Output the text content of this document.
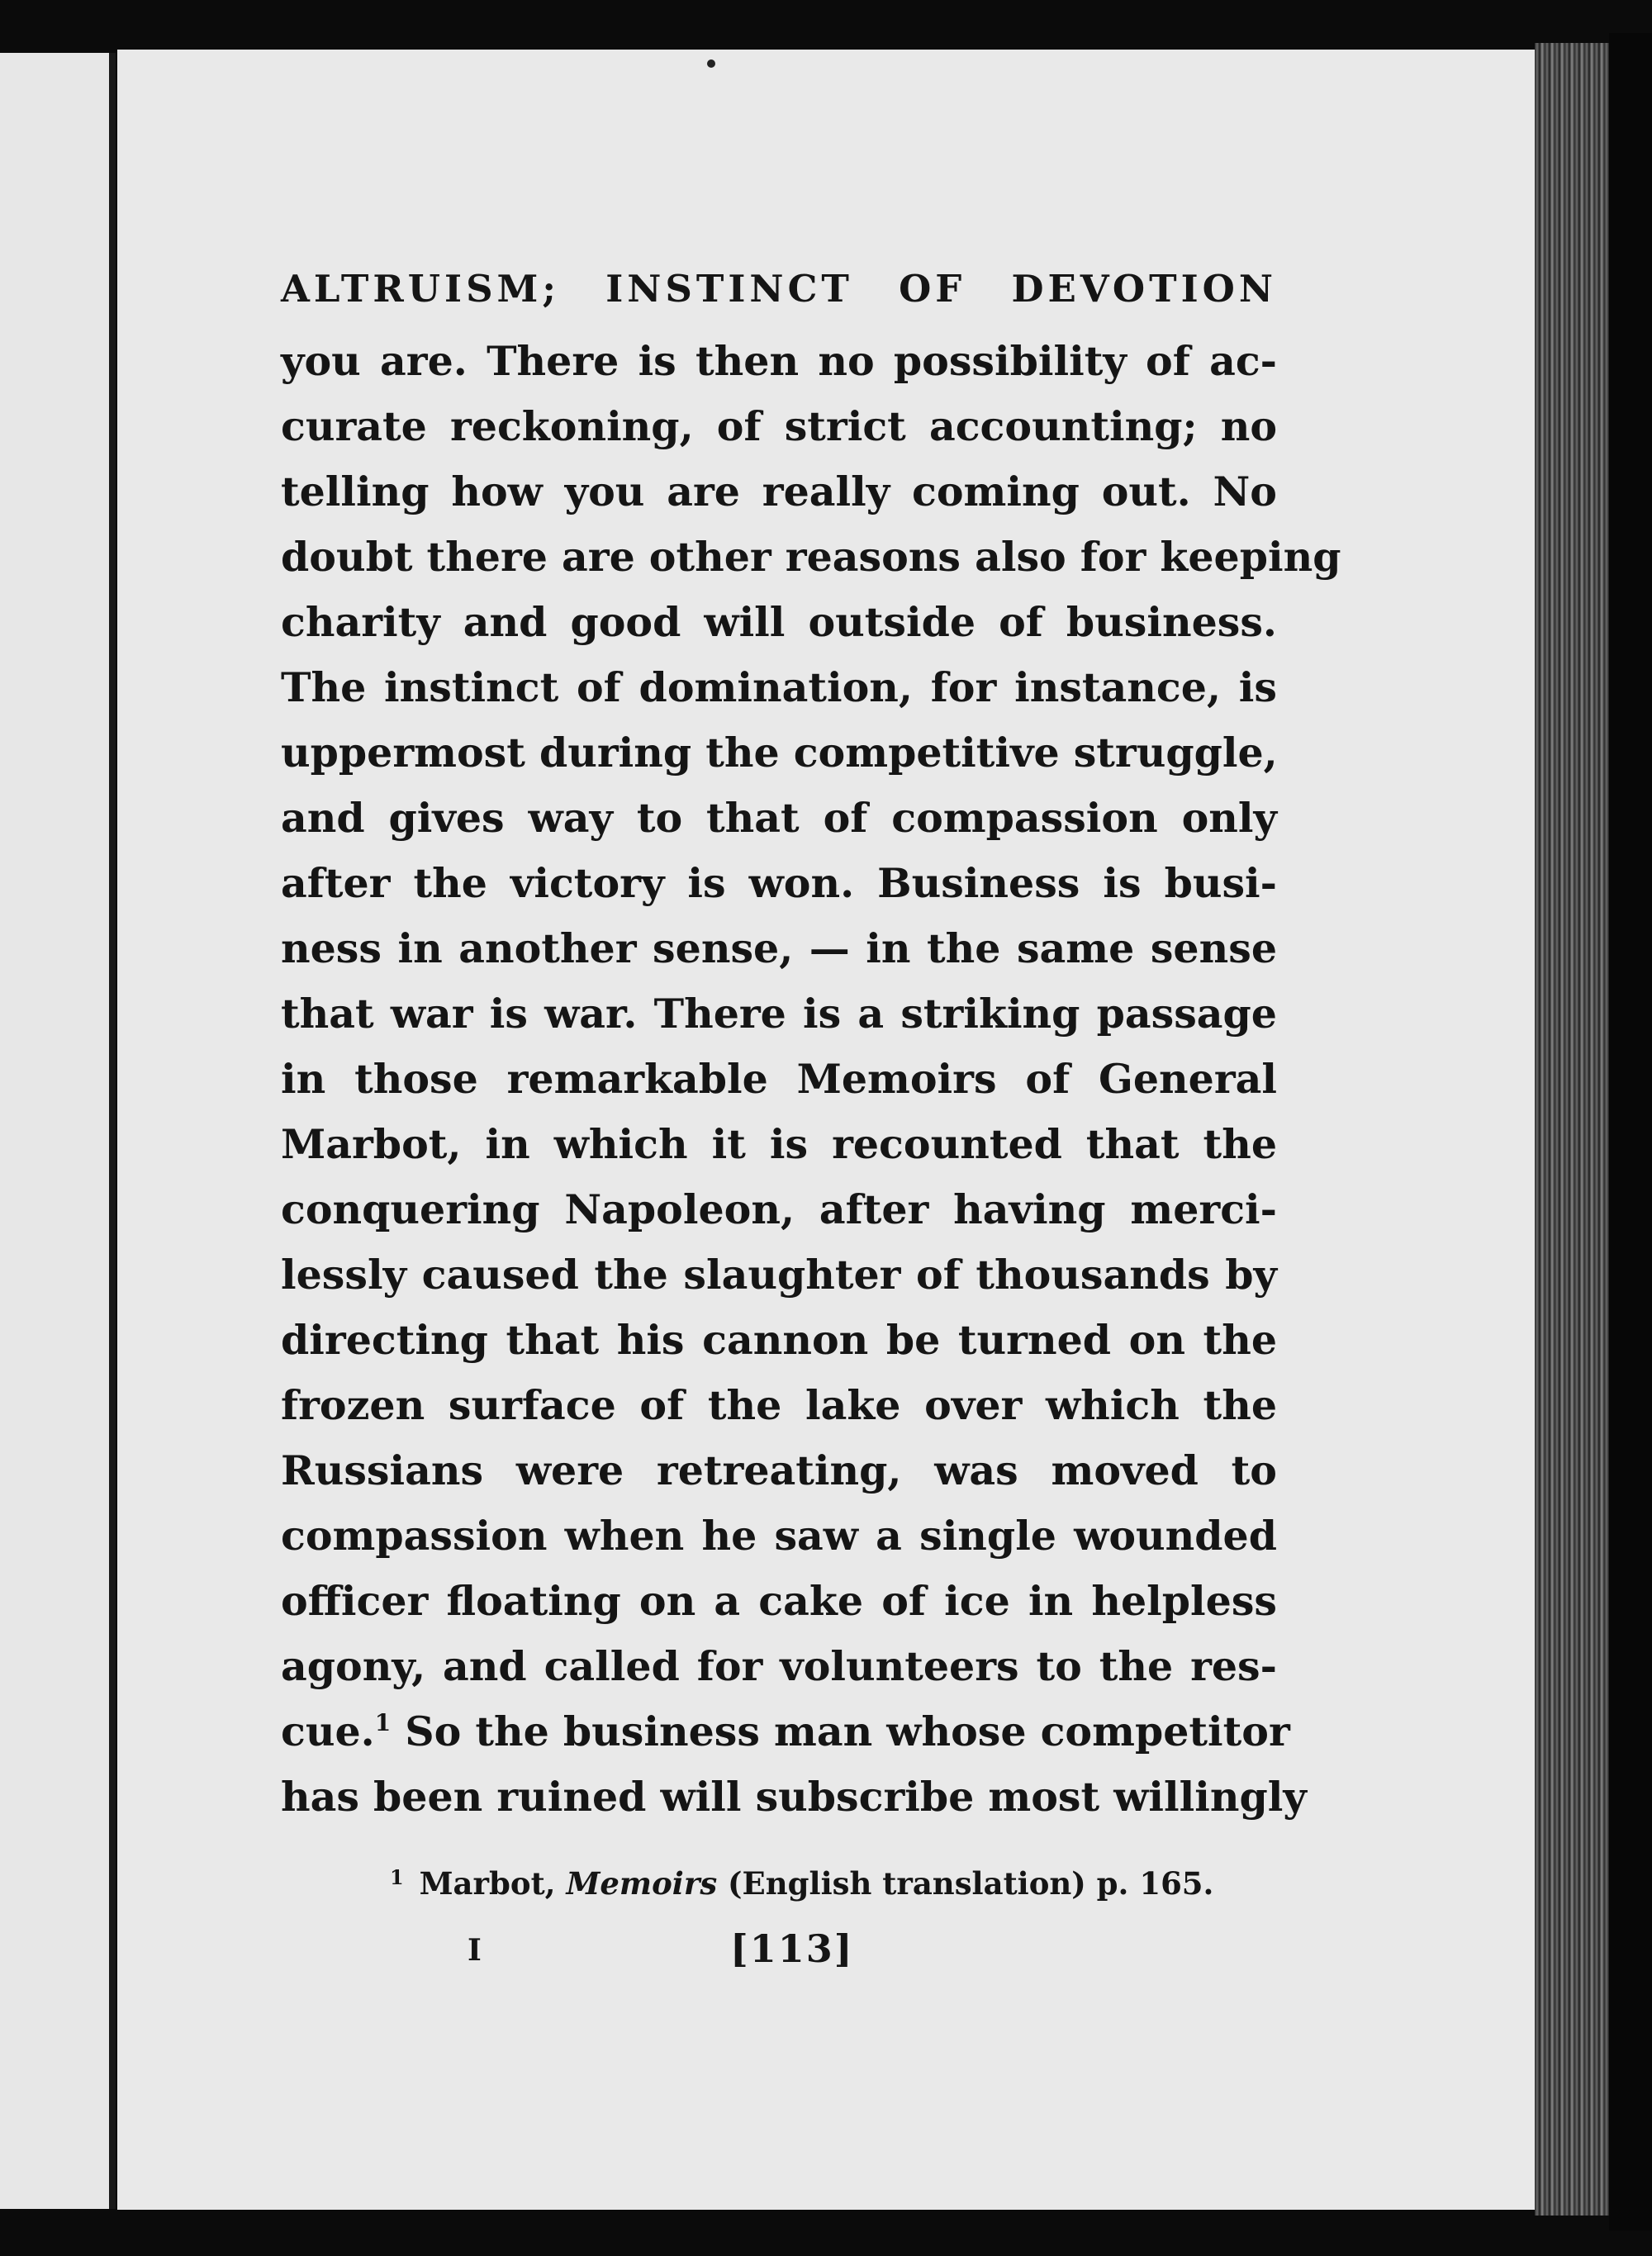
ALTRUISM; INSTINCT OF DEVOTION
you are. There is then no possibility of ac-
curate reckoning, of strict accounting; no
telling how you are really coming out. No
doubt there are other reasons also for keeping
charity and good will outside of business.
The instinct of domination, for instance, is
uppermost during the competitive struggle,
and gives way to that of compassion only
after the victory is won. Business is busi-
ness in another sense, — in the same sense
that war is war. There is a striking passage
in those remarkable Memoirs of General
Marbot, in which it is recounted that the
conquering Napoleon, after having merci-
lessly caused the slaughter of thousands by
directing that his cannon be turned on the
frozen surface of the lake over which the
Russians were retreating, was moved to
compassion when he saw a single wounded
officer floating on a cake of ice in helpless
agony, and called for volunteers to the res-
cue.$^1$ So the business man whose competitor
has been ruined will subscribe most willingly
$^1$ Marbot, Memoirs (English translation) p. 165.
I	[113]
